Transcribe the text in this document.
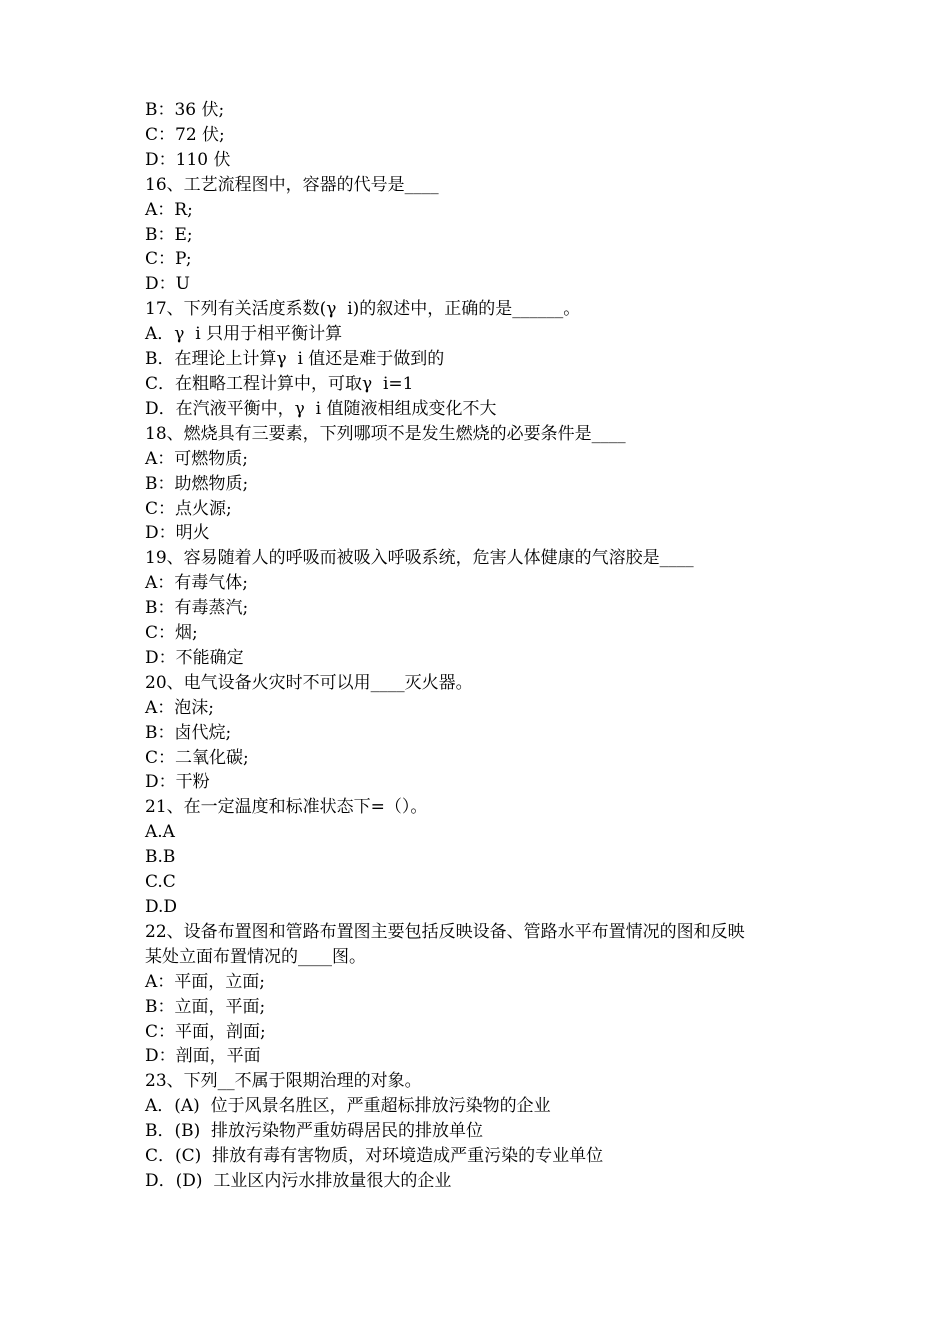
B：36 伏;

C：72 伏;

D：110 伏

16、工艺流程图中，容器的代号是____

A：R;

B：E;

C：P;

D：U

17、下列有关活度系数(γ  i)的叙述中，正确的是______。

A．γ  i 只用于相平衡计算

B．在理论上计算γ  i 值还是难于做到的

C．在粗略工程计算中，可取γ  i=1

D．在汽液平衡中，γ  i 值随液相组成变化不大

18、燃烧具有三要素，下列哪项不是发生燃烧的必要条件是____

A：可燃物质;

B：助燃物质;

C：点火源;

D：明火

19、容易随着人的呼吸而被吸入呼吸系统，危害人体健康的气溶胶是____

A：有毒气体;

B：有毒蒸汽;

C：烟;

D：不能确定

20、电气设备火灾时不可以用____灭火器。

A：泡沫;

B：卤代烷;

C：二氧化碳;

D：干粉

21、在一定温度和标准状态下=（）。

A.A

B.B

C.C

D.D

22、设备布置图和管路布置图主要包括反映设备、管路水平布置情况的图和反映

某处立面布置情况的____图。

A：平面，立面;

B：立面，平面;

C：平面，剖面;

D：剖面，平面

23、下列__不属于限期治理的对象。

A．(A)  位于风景名胜区，严重超标排放污染物的企业

B．(B)  排放污染物严重妨碍居民的排放单位

C．(C)  排放有毒有害物质，对环境造成严重污染的专业单位

D．(D)  工业区内污水排放量很大的企业
